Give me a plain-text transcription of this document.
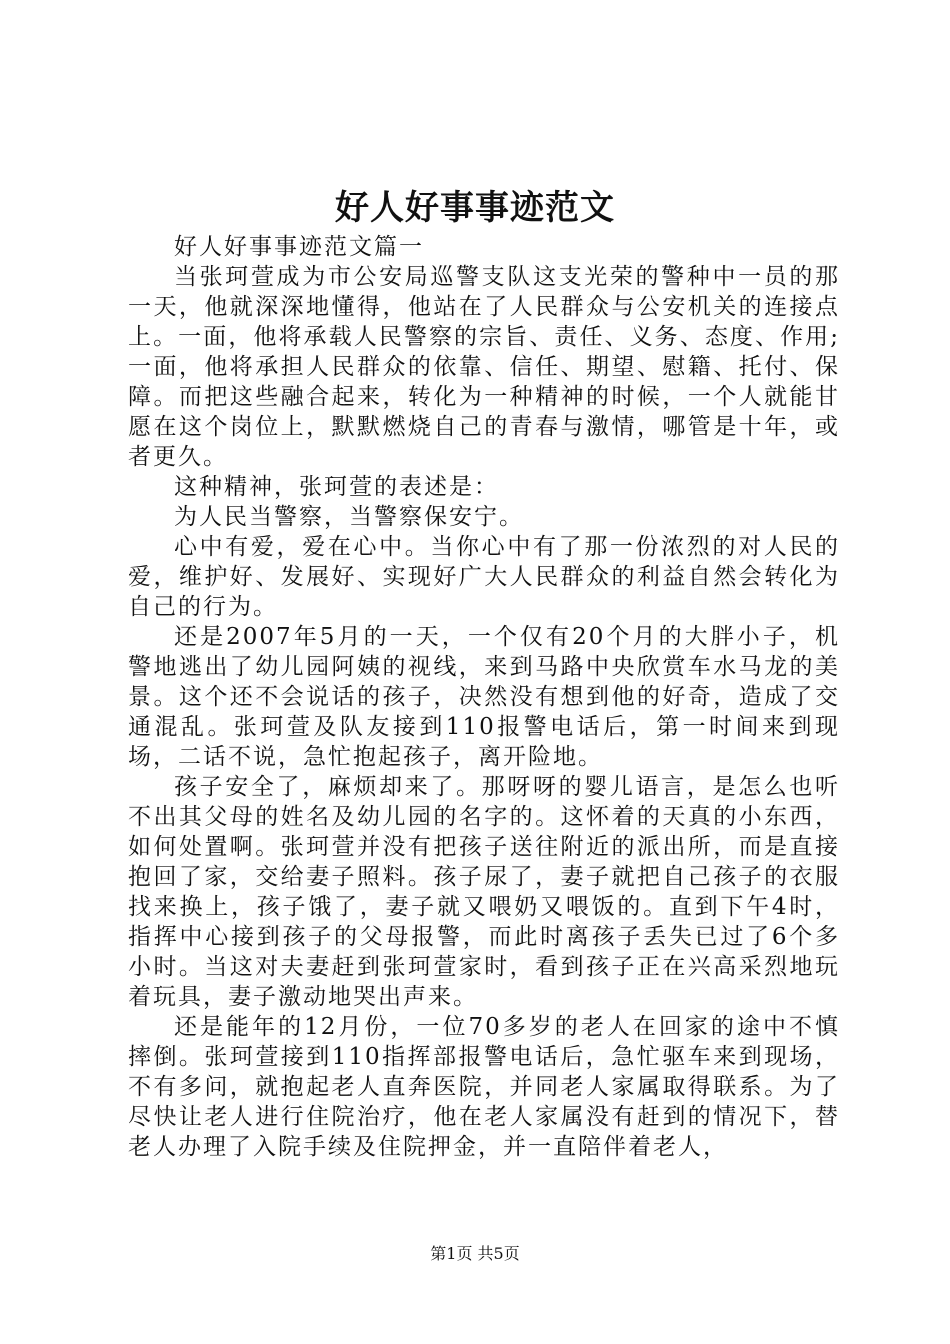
好人好事事迹范文

好人好事事迹范文篇一

当张珂萱成为市公安局巡警支队这支光荣的警种中一员的那一天，他就深深地懂得，他站在了人民群众与公安机关的连接点上。一面，他将承载人民警察的宗旨、责任、义务、态度、作用;一面，他将承担人民群众的依靠、信任、期望、慰籍、托付、保障。而把这些融合起来，转化为一种精神的时候，一个人就能甘愿在这个岗位上，默默燃烧自己的青春与激情，哪管是十年，或者更久。

这种精神，张珂萱的表述是：

为人民当警察，当警察保安宁。

心中有爱，爱在心中。当你心中有了那一份浓烈的对人民的爱，维护好、发展好、实现好广大人民群众的利益自然会转化为自己的行为。

还是2007年5月的一天，一个仅有20个月的大胖小子，机警地逃出了幼儿园阿姨的视线，来到马路中央欣赏车水马龙的美景。这个还不会说话的孩子，决然没有想到他的好奇，造成了交通混乱。张珂萱及队友接到110报警电话后，第一时间来到现场，二话不说，急忙抱起孩子，离开险地。

孩子安全了，麻烦却来了。那呀呀的婴儿语言，是怎么也听不出其父母的姓名及幼儿园的名字的。这怀着的天真的小东西，如何处置啊。张珂萱并没有把孩子送往附近的派出所，而是直接抱回了家，交给妻子照料。孩子尿了，妻子就把自己孩子的衣服找来换上，孩子饿了，妻子就又喂奶又喂饭的。直到下午4时，指挥中心接到孩子的父母报警，而此时离孩子丢失已过了6个多小时。当这对夫妻赶到张珂萱家时，看到孩子正在兴高采烈地玩着玩具，妻子激动地哭出声来。

还是能年的12月份，一位70多岁的老人在回家的途中不慎摔倒。张珂萱接到110指挥部报警电话后，急忙驱车来到现场，不有多问，就抱起老人直奔医院，并同老人家属取得联系。为了尽快让老人进行住院治疗，他在老人家属没有赶到的情况下，替老人办理了入院手续及住院押金，并一直陪伴着老人，

第1页 共5页
